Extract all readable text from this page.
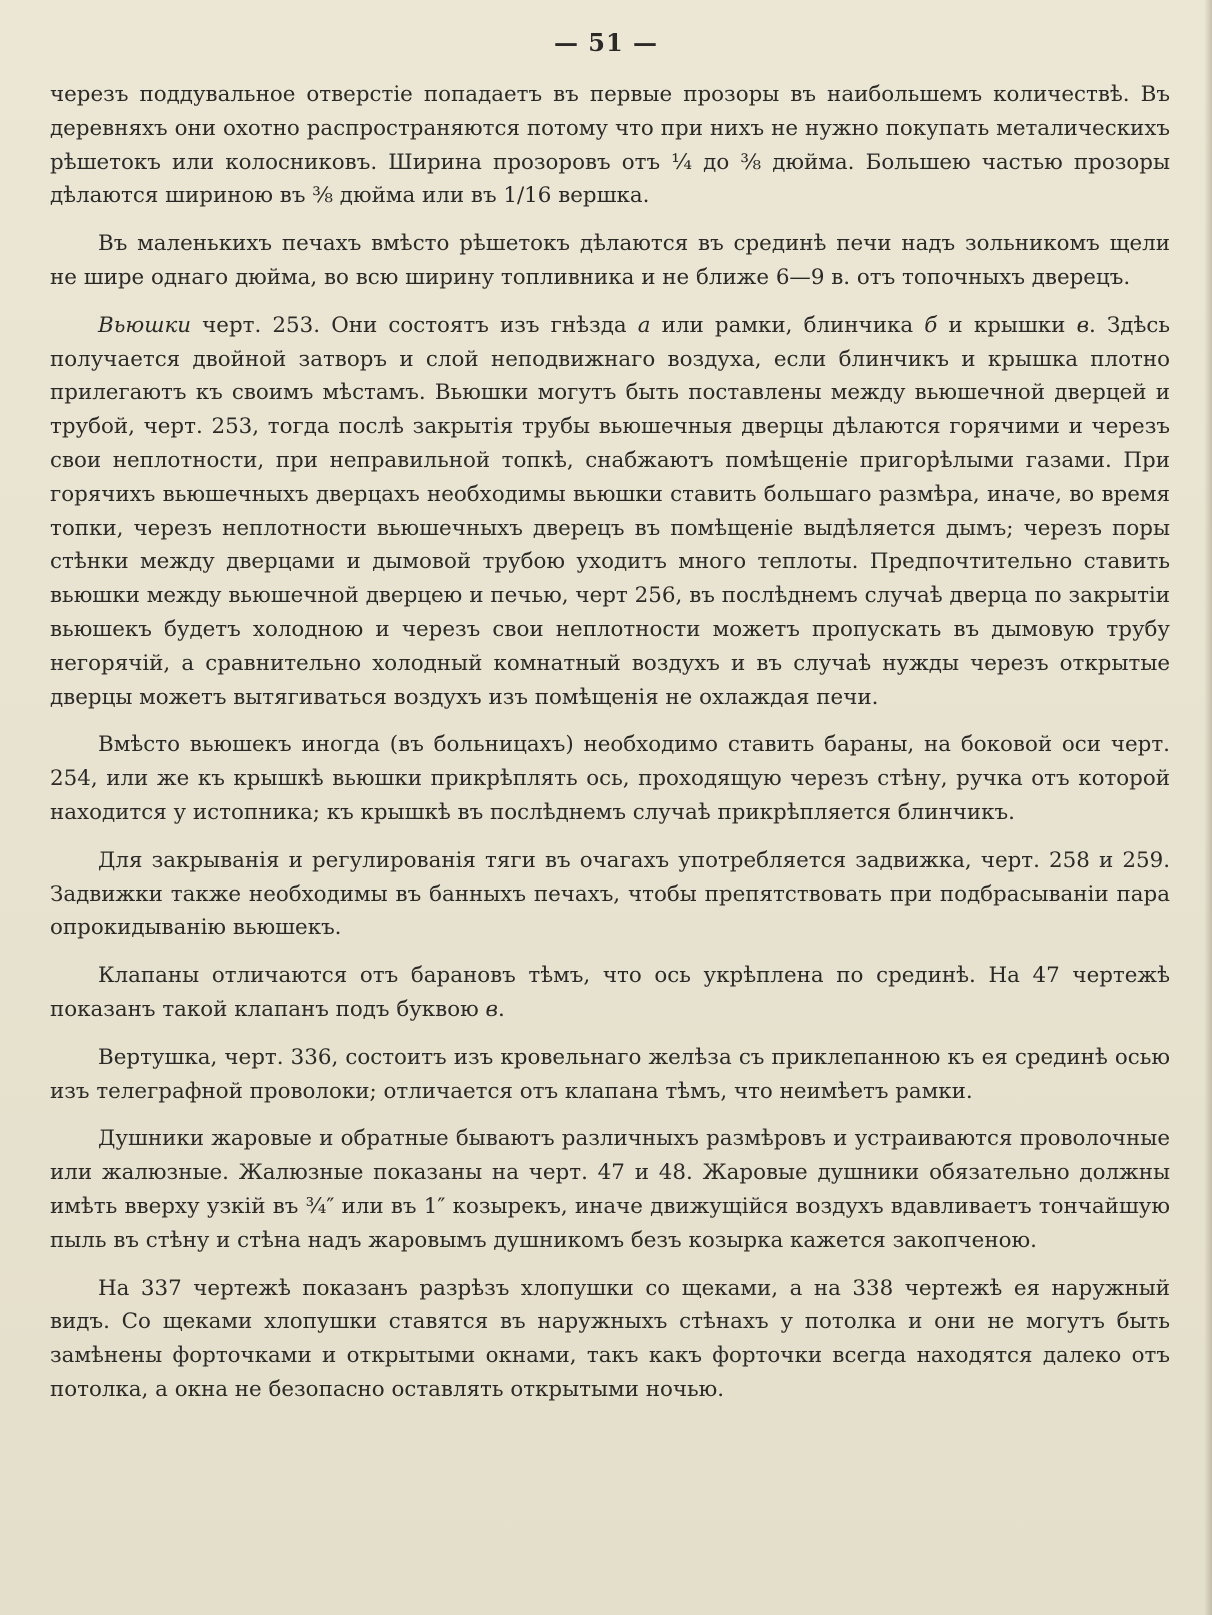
— 51 —

черезъ поддувальное отверстіе попадаетъ въ первые прозоры въ наибольшемъ количествѣ. Въ деревняхъ они охотно распространяются потому что при нихъ не нужно покупать металическихъ рѣшетокъ или колосниковъ. Ширина прозоровъ отъ ¼ до ⅜ дюйма. Большею частью прозоры дѣлаются шириною въ ⅜ дюйма или въ 1/16 вершка.

Въ маленькихъ печахъ вмѣсто рѣшетокъ дѣлаются въ срединѣ печи надъ зольникомъ щели не шире однаго дюйма, во всю ширину топливника и не ближе 6—9 в. отъ топочныхъ дверецъ.

Вьюшки черт. 253. Они состоятъ изъ гнѣзда а или рамки, блинчика б и крышки в. Здѣсь получается двойной затворъ и слой неподвижнаго воздуха, если блинчикъ и крышка плотно прилегаютъ къ своимъ мѣстамъ. Вьюшки могутъ быть поставлены между вьюшечной дверцей и трубой, черт. 253, тогда послѣ закрытія трубы вьюшечныя дверцы дѣлаются горячими и черезъ свои неплотности, при неправильной топкѣ, снабжаютъ помѣщеніе пригорѣлыми газами. При горячихъ вьюшечныхъ дверцахъ необходимы вьюшки ставить большаго размѣра, иначе, во время топки, черезъ неплотности вьюшечныхъ дверецъ въ помѣщеніе выдѣляется дымъ; черезъ поры стѣнки между дверцами и дымовой трубою уходитъ много теплоты. Предпочтительно ставить вьюшки между вьюшечной дверцею и печью, черт 256, въ послѣднемъ случаѣ дверца по закрытіи вьюшекъ будетъ холодною и черезъ свои неплотности можетъ пропускать въ дымовую трубу негорячій, а сравнительно холодный комнатный воздухъ и въ случаѣ нужды черезъ открытые дверцы можетъ вытягиваться воздухъ изъ помѣщенія не охлаждая печи.

Вмѣсто вьюшекъ иногда (въ больницахъ) необходимо ставить бараны, на боковой оси черт. 254, или же къ крышкѣ вьюшки прикрѣплять ось, проходящую черезъ стѣну, ручка отъ которой находится у истопника; къ крышкѣ въ послѣднемъ случаѣ прикрѣпляется блинчикъ.

Для закрыванія и регулированія тяги въ очагахъ употребляется задвижка, черт. 258 и 259. Задвижки также необходимы въ банныхъ печахъ, чтобы препятствовать при подбрасываніи пара опрокидыванію вьюшекъ.

Клапаны отличаются отъ барановъ тѣмъ, что ось укрѣплена по срединѣ. На 47 чертежѣ показанъ такой клапанъ подъ буквою в.

Вертушка, черт. 336, состоитъ изъ кровельнаго желѣза съ приклепанною къ ея срединѣ осью изъ телеграфной проволоки; отличается отъ клапана тѣмъ, что неимѣетъ рамки.

Душники жаровые и обратные бываютъ различныхъ размѣровъ и устраиваются проволочные или жалюзные. Жалюзные показаны на черт. 47 и 48. Жаровые душники обязательно должны имѣть вверху узкій въ ¾″ или въ 1″ козырекъ, иначе движущійся воздухъ вдавливаетъ тончайшую пыль въ стѣну и стѣна надъ жаровымъ душникомъ безъ козырка кажется закопченою.

На 337 чертежѣ показанъ разрѣзъ хлопушки со щеками, а на 338 чертежѣ ея наружный видъ. Со щеками хлопушки ставятся въ наружныхъ стѣнахъ у потолка и они не могутъ быть замѣнены форточками и открытыми окнами, такъ какъ форточки всегда находятся далеко отъ потолка, а окна не безопасно оставлять открытыми ночью.
